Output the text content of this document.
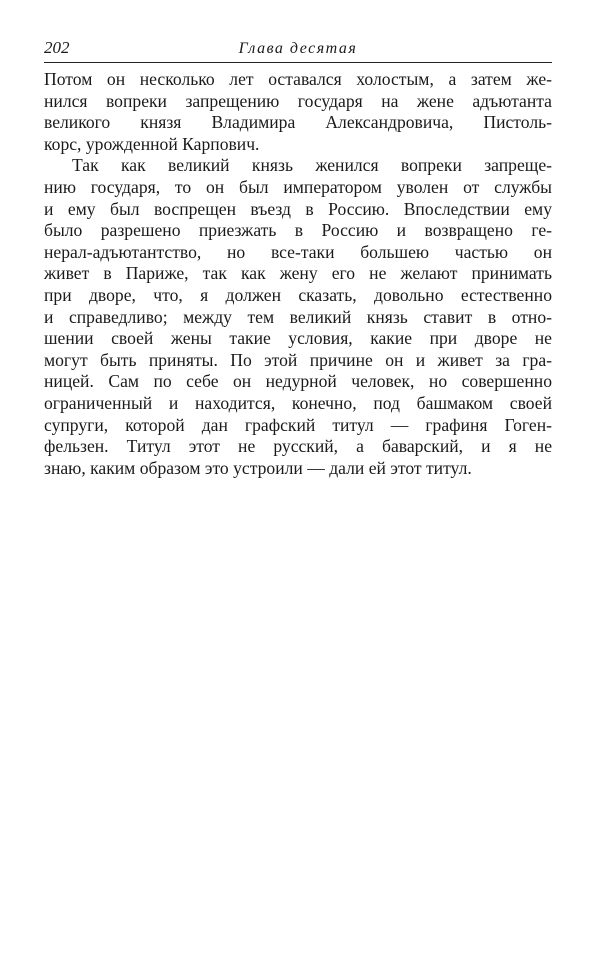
202	Глава десятая

Потом он несколько лет оставался холостым, а затем же-
нился вопреки запрещению государя на жене адъютанта
великого князя Владимира Александровича, Пистоль-
корс, урожденной Карпович.

Так как великий князь женился вопреки запреще-
нию государя, то он был императором уволен от службы
и ему был воспрещен въезд в Россию. Впоследствии ему
было разрешено приезжать в Россию и возвращено ге-
нерал-адъютантство, но все-таки большею частью он
живет в Париже, так как жену его не желают принимать
при дворе, что, я должен сказать, довольно естественно
и справедливо; между тем великий князь ставит в отно-
шении своей жены такие условия, какие при дворе не
могут быть приняты. По этой причине он и живет за гра-
ницей. Сам по себе он недурной человек, но совершенно
ограниченный и находится, конечно, под башмаком своей
супруги, которой дан графский титул — графиня Гоген-
фельзен. Титул этот не русский, а баварский, и я не
знаю, каким образом это устроили — дали ей этот титул.
